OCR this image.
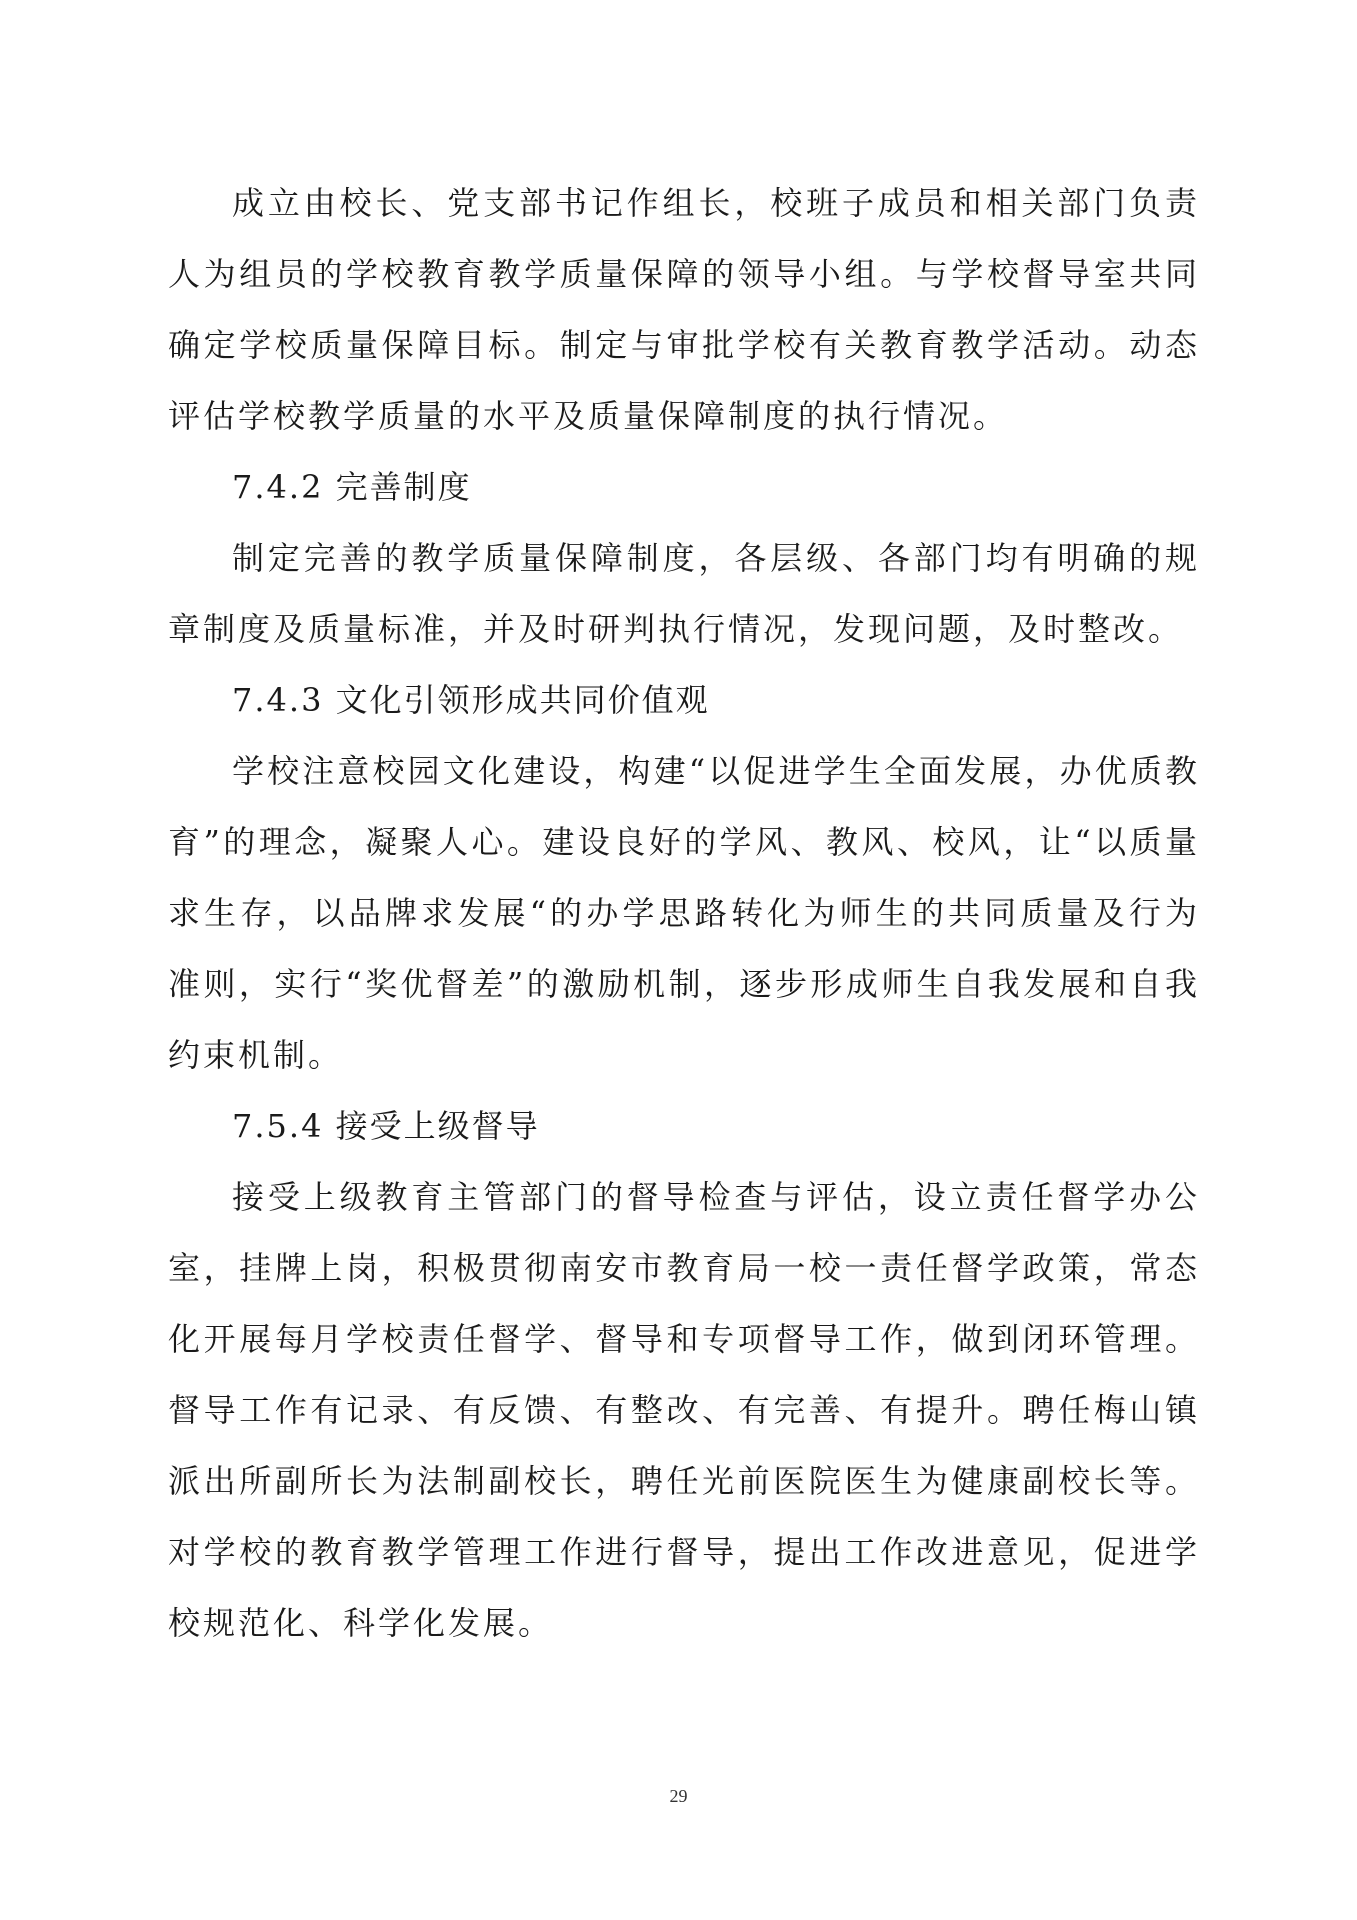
成立由校长、党支部书记作组长，校班子成员和相关部门负责人为组员的学校教育教学质量保障的领导小组。与学校督导室共同确定学校质量保障目标。制定与审批学校有关教育教学活动。动态评估学校教学质量的水平及质量保障制度的执行情况。

7.4.2 完善制度

制定完善的教学质量保障制度，各层级、各部门均有明确的规章制度及质量标准，并及时研判执行情况，发现问题，及时整改。

7.4.3 文化引领形成共同价值观

学校注意校园文化建设，构建“以促进学生全面发展，办优质教育”的理念，凝聚人心。建设良好的学风、教风、校风，让“以质量求生存，以品牌求发展“的办学思路转化为师生的共同质量及行为准则，实行“奖优督差”的激励机制，逐步形成师生自我发展和自我约束机制。

7.5.4 接受上级督导

接受上级教育主管部门的督导检查与评估，设立责任督学办公室，挂牌上岗，积极贯彻南安市教育局一校一责任督学政策，常态化开展每月学校责任督学、督导和专项督导工作，做到闭环管理。督导工作有记录、有反馈、有整改、有完善、有提升。聘任梅山镇派出所副所长为法制副校长，聘任光前医院医生为健康副校长等。对学校的教育教学管理工作进行督导，提出工作改进意见，促进学校规范化、科学化发展。

29
